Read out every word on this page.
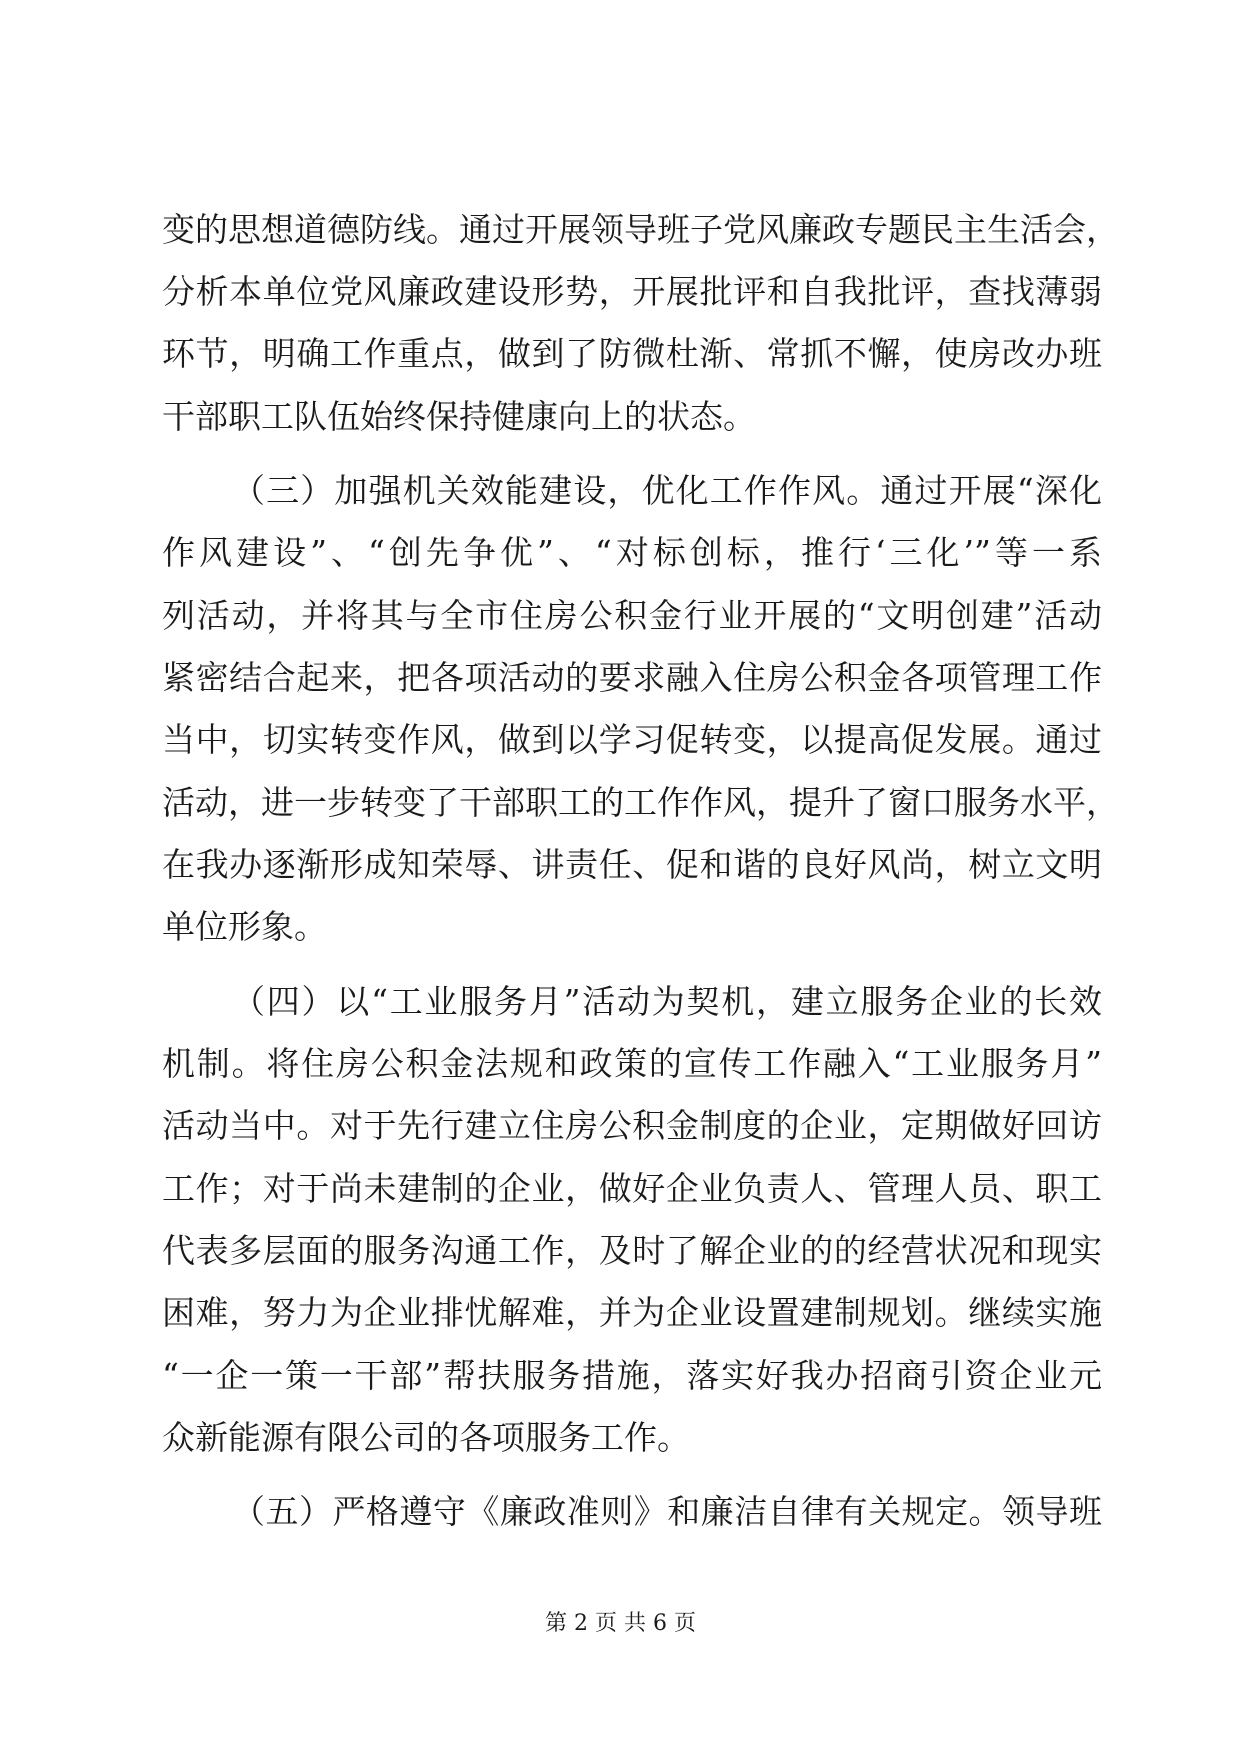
变的思想道德防线。通过开展领导班子党风廉政专题民主生活会，
分析本单位党风廉政建设形势，开展批评和自我批评，查找薄弱
环节，明确工作重点，做到了防微杜渐、常抓不懈，使房改办班
干部职工队伍始终保持健康向上的状态。
（三）加强机关效能建设，优化工作作风。通过开展“深化
作风建设”、“创先争优”、“对标创标，推行‘三化’”等一系
列活动，并将其与全市住房公积金行业开展的“文明创建”活动
紧密结合起来，把各项活动的要求融入住房公积金各项管理工作
当中，切实转变作风，做到以学习促转变，以提高促发展。通过
活动，进一步转变了干部职工的工作作风，提升了窗口服务水平，
在我办逐渐形成知荣辱、讲责任、促和谐的良好风尚，树立文明
单位形象。
（四）以“工业服务月”活动为契机，建立服务企业的长效
机制。将住房公积金法规和政策的宣传工作融入“工业服务月”
活动当中。对于先行建立住房公积金制度的企业，定期做好回访
工作；对于尚未建制的企业，做好企业负责人、管理人员、职工
代表多层面的服务沟通工作，及时了解企业的的经营状况和现实
困难，努力为企业排忧解难，并为企业设置建制规划。继续实施
“一企一策一干部”帮扶服务措施，落实好我办招商引资企业元
众新能源有限公司的各项服务工作。
（五）严格遵守《廉政准则》和廉洁自律有关规定。领导班
第 2 页 共 6 页
